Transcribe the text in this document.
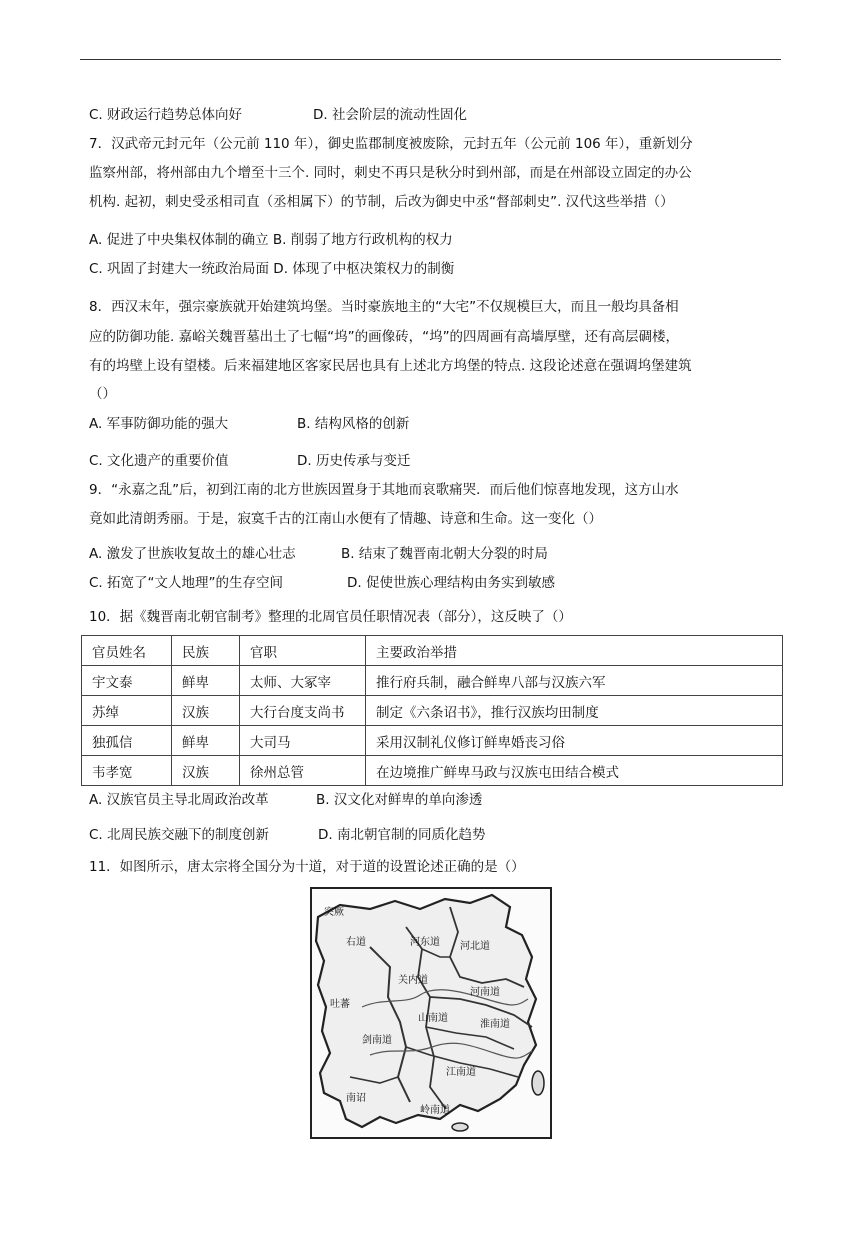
C. 财政运行趋势总体向好	D. 社会阶层的流动性固化
7．汉武帝元封元年（公元前 110 年），御史监郡制度被废除，元封五年（公元前 106 年），重新划分
监察州部，将州部由九个增至十三个. 同时，刺史不再只是秋分时到州部，而是在州部设立固定的办公
机构. 起初，刺史受丞相司直（丞相属下）的节制，后改为御史中丞“督部刺史”. 汉代这些举措（）
A. 促进了中央集权体制的确立 B. 削弱了地方行政机构的权力
C. 巩固了封建大一统政治局面 D. 体现了中枢决策权力的制衡
8．西汉末年，强宗豪族就开始建筑坞堡。当时豪族地主的“大宅”不仅规模巨大，而且一般均具备相
应的防御功能. 嘉峪关魏晋墓出土了七幅“坞”的画像砖，“坞”的四周画有高墙厚壁，还有高层碉楼，
有的坞壁上设有望楼。后来福建地区客家民居也具有上述北方坞堡的特点. 这段论述意在强调坞堡建筑
（）
A. 军事防御功能的强大	B. 结构风格的创新
C. 文化遗产的重要价值	D. 历史传承与变迁
9．“永嘉之乱”后，初到江南的北方世族因置身于其地而哀歌痛哭．而后他们惊喜地发现，这方山水
竟如此清朗秀丽。于是，寂寞千古的江南山水便有了情趣、诗意和生命。这一变化（）
A. 激发了世族收复故土的雄心壮志	B. 结束了魏晋南北朝大分裂的时局
C. 拓宽了“文人地理”的生存空间	D. 促使世族心理结构由务实到敏感
10．据《魏晋南北朝官制考》整理的北周官员任职情况表（部分），这反映了（）
官员姓名	民族	官职	主要政治举措
宇文泰	鲜卑	太师、大冢宰	推行府兵制，融合鲜卑八部与汉族六军
苏绰	汉族	大行台度支尚书	制定《六条诏书》，推行汉族均田制度
独孤信	鲜卑	大司马	采用汉制礼仪修订鲜卑婚丧习俗
韦孝宽	汉族	徐州总管	在边境推广鲜卑马政与汉族屯田结合模式
A. 汉族官员主导北周政治改革	B. 汉文化对鲜卑的单向渗透
C. 北周民族交融下的制度创新	D. 南北朝官制的同质化趋势
11．如图所示，唐太宗将全国分为十道，对于道的设置论述正确的是（）
突厥
右道	河东道 河北道
关内道
河南道
淮南道
吐蕃
剑南道
山南道
江南道
岭南道
南诏
